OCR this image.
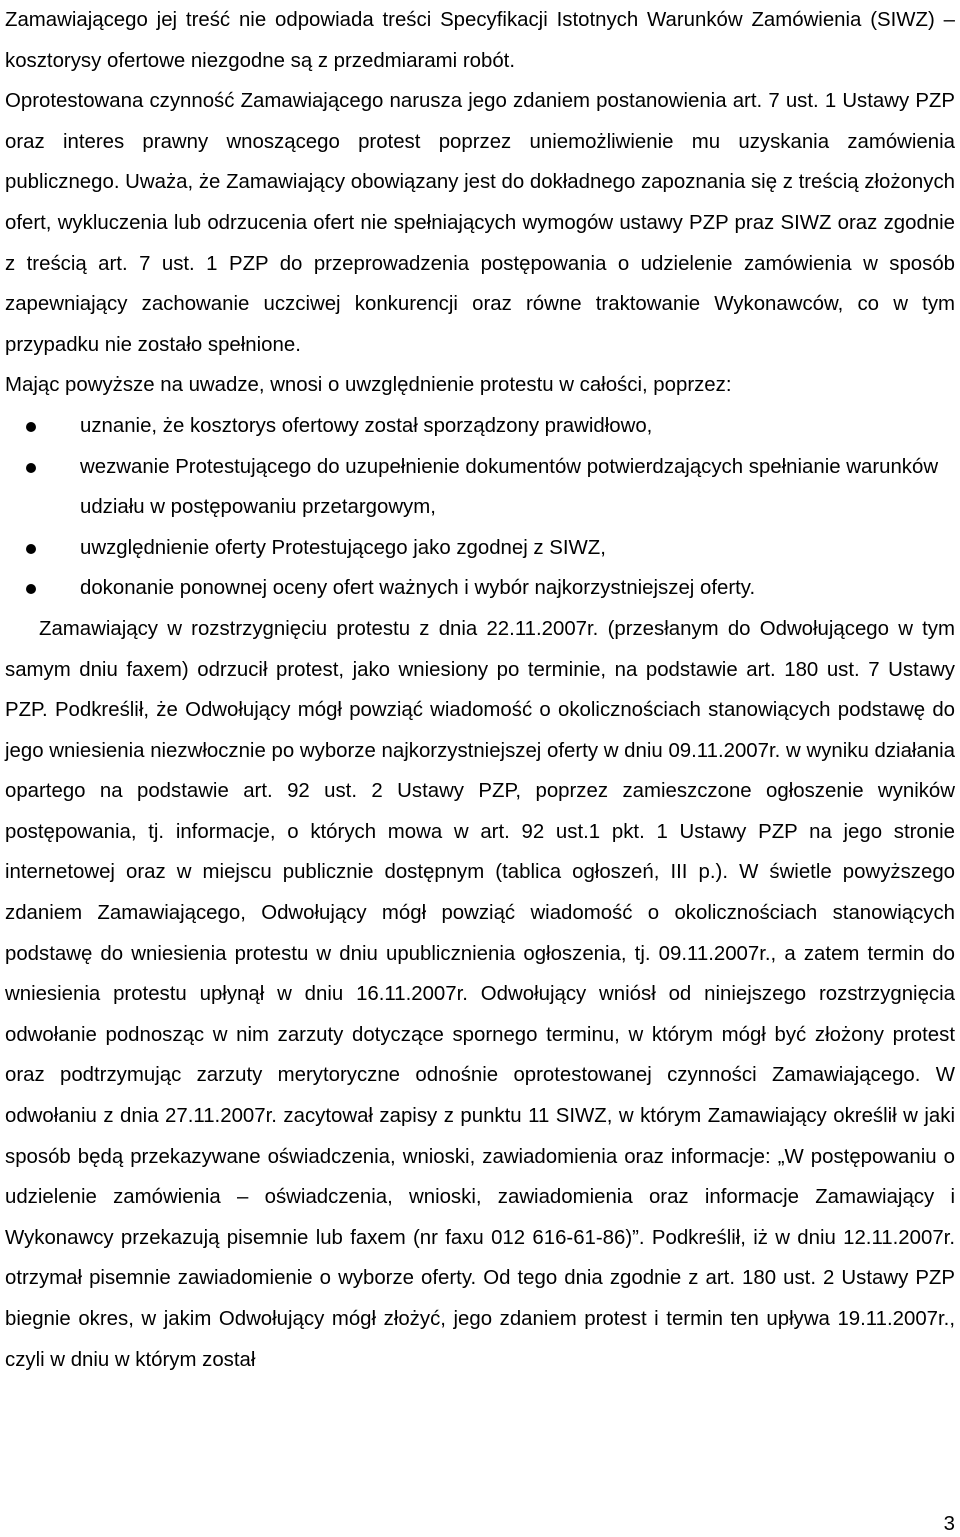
Zamawiającego jej treść nie odpowiada treści Specyfikacji Istotnych Warunków Zamówienia (SIWZ) – kosztorysy ofertowe niezgodne są z przedmiarami robót.

Oprotestowana czynność Zamawiającego narusza jego zdaniem postanowienia art. 7 ust. 1 Ustawy PZP oraz interes prawny wnoszącego protest poprzez uniemożliwienie mu uzyskania zamówienia publicznego. Uważa, że Zamawiający obowiązany jest do dokładnego zapoznania się z treścią złożonych ofert, wykluczenia lub odrzucenia ofert nie spełniających wymogów ustawy PZP praz SIWZ oraz zgodnie z treścią art. 7 ust. 1 PZP do przeprowadzenia postępowania o udzielenie zamówienia w sposób zapewniający zachowanie uczciwej konkurencji oraz równe traktowanie Wykonawców, co w tym przypadku nie zostało spełnione.

Mając powyższe na uwadze, wnosi o uwzględnienie protestu w całości, poprzez:

uznanie, że kosztorys ofertowy został sporządzony prawidłowo,
wezwanie Protestującego do uzupełnienie dokumentów potwierdzających spełnianie warunków udziału w postępowaniu przetargowym,
uwzględnienie oferty Protestującego jako zgodnej z SIWZ,
dokonanie ponownej oceny ofert ważnych i wybór najkorzystniejszej oferty.

Zamawiający w rozstrzygnięciu protestu z dnia 22.11.2007r. (przesłanym do Odwołującego w tym samym dniu faxem) odrzucił protest, jako wniesiony po terminie, na podstawie art. 180 ust. 7 Ustawy PZP. Podkreślił, że Odwołujący mógł powziąć wiadomość o okolicznościach stanowiących podstawę do jego wniesienia niezwłocznie po wyborze najkorzystniejszej oferty w dniu 09.11.2007r. w wyniku działania opartego na podstawie art. 92 ust. 2 Ustawy PZP, poprzez zamieszczone ogłoszenie wyników postępowania, tj. informacje, o których mowa w art. 92 ust.1 pkt. 1 Ustawy PZP na jego stronie internetowej oraz w miejscu publicznie dostępnym (tablica ogłoszeń, III p.). W świetle powyższego zdaniem Zamawiającego, Odwołujący mógł powziąć wiadomość o okolicznościach stanowiących podstawę do wniesienia protestu w dniu upublicznienia ogłoszenia, tj. 09.11.2007r., a zatem termin do wniesienia protestu upłynął w dniu 16.11.2007r. Odwołujący wniósł od niniejszego rozstrzygnięcia odwołanie podnosząc w nim zarzuty dotyczące spornego terminu, w którym mógł być złożony protest oraz podtrzymując zarzuty merytoryczne odnośnie oprotestowanej czynności Zamawiającego. W odwołaniu z dnia 27.11.2007r. zacytował zapisy z punktu 11 SIWZ, w którym Zamawiający określił w jaki sposób będą przekazywane oświadczenia, wnioski, zawiadomienia oraz informacje: „W postępowaniu o udzielenie zamówienia – oświadczenia, wnioski, zawiadomienia oraz informacje Zamawiający i Wykonawcy przekazują pisemnie lub faxem (nr faxu 012 616-61-86)”. Podkreślił, iż w dniu 12.11.2007r. otrzymał pisemnie zawiadomienie o wyborze oferty. Od tego dnia zgodnie z art. 180 ust. 2 Ustawy PZP biegnie okres, w jakim Odwołujący mógł złożyć, jego zdaniem protest i termin ten upływa 19.11.2007r., czyli w dniu w którym został

3
